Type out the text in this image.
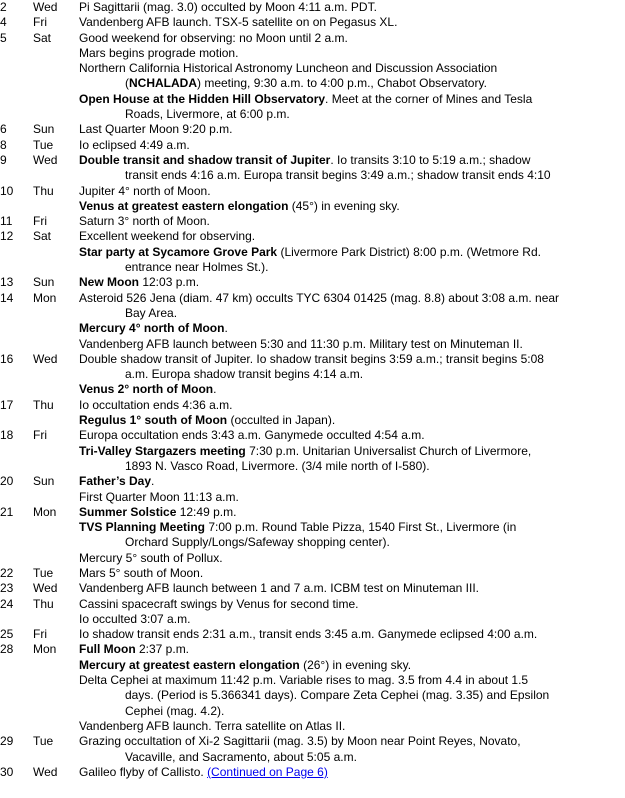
2	Wed	Pi Sagittarii (mag. 3.0) occulted by Moon 4:11 a.m. PDT.
4	Fri	Vandenberg AFB launch. TSX-5 satellite on on Pegasus XL.
5	Sat	Good weekend for observing: no Moon until 2 a.m.
Mars begins prograde motion.
Northern California Historical Astronomy Luncheon and Discussion Association
(NCHALADA) meeting, 9:30 a.m. to 4:00 p.m., Chabot Observatory.
Open House at the Hidden Hill Observatory. Meet at the corner of Mines and Tesla
Roads, Livermore, at 6:00 p.m.
6	Sun	Last Quarter Moon 9:20 p.m.
8	Tue	Io eclipsed 4:49 a.m.
9	Wed	Double transit and shadow transit of Jupiter. Io transits 3:10 to 5:19 a.m.; shadow
transit ends 4:16 a.m. Europa transit begins 3:49 a.m.; shadow transit ends 4:10
10	Thu	Jupiter 4° north of Moon.
Venus at greatest eastern elongation (45°) in evening sky.
11	Fri	Saturn 3° north of Moon.
12	Sat	Excellent weekend for observing.
Star party at Sycamore Grove Park (Livermore Park District) 8:00 p.m. (Wetmore Rd.
entrance near Holmes St.).
13	Sun	New Moon 12:03 p.m.
14	Mon	Asteroid 526 Jena (diam. 47 km) occults TYC 6304 01425 (mag. 8.8) about 3:08 a.m. near
Bay Area.
Mercury 4° north of Moon.
Vandenberg AFB launch between 5:30 and 11:30 p.m. Military test on Minuteman II.
16	Wed	Double shadow transit of Jupiter. Io shadow transit begins 3:59 a.m.; transit begins 5:08
a.m. Europa shadow transit begins 4:14 a.m.
Venus 2° north of Moon.
17	Thu	Io occultation ends 4:36 a.m.
Regulus 1° south of Moon (occulted in Japan).
18	Fri	Europa occultation ends 3:43 a.m. Ganymede occulted 4:54 a.m.
Tri-Valley Stargazers meeting 7:30 p.m. Unitarian Universalist Church of Livermore,
1893 N. Vasco Road, Livermore. (3/4 mile north of I-580).
20	Sun	Father’s Day.
First Quarter Moon 11:13 a.m.
21	Mon	Summer Solstice 12:49 p.m.
TVS Planning Meeting 7:00 p.m. Round Table Pizza, 1540 First St., Livermore (in
Orchard Supply/Longs/Safeway shopping center).
Mercury 5° south of Pollux.
22	Tue	Mars 5° south of Moon.
23	Wed	Vandenberg AFB launch between 1 and 7 a.m. ICBM test on Minuteman III.
24	Thu	Cassini spacecraft swings by Venus for second time.
Io occulted 3:07 a.m.
25	Fri	Io shadow transit ends 2:31 a.m., transit ends 3:45 a.m. Ganymede eclipsed 4:00 a.m.
28	Mon	Full Moon 2:37 p.m.
Mercury at greatest eastern elongation (26°) in evening sky.
Delta Cephei at maximum 11:42 p.m. Variable rises to mag. 3.5 from 4.4 in about 1.5
days. (Period is 5.366341 days). Compare Zeta Cephei (mag. 3.35) and Epsilon
Cephei (mag. 4.2).
Vandenberg AFB launch. Terra satellite on Atlas II.
29	Tue	Grazing occultation of Xi-2 Sagittarii (mag. 3.5) by Moon near Point Reyes, Novato,
Vacaville, and Sacramento, about 5:05 a.m.
30	Wed	Galileo flyby of Callisto. (Continued on Page 6)
